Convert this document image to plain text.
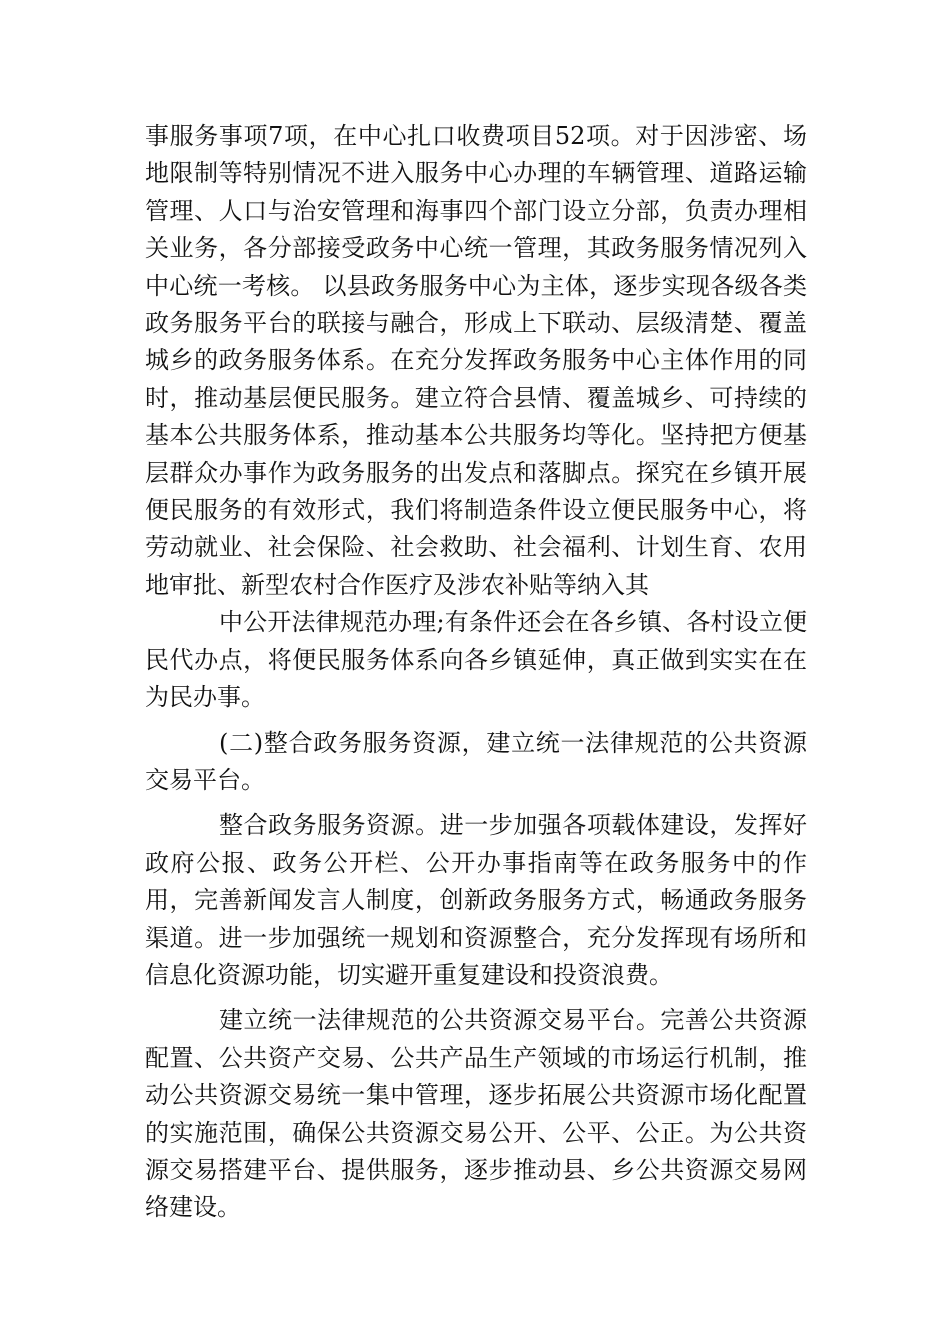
事服务事项7项，在中心扎口收费项目52项。对于因涉密、场地限制等特别情况不进入服务中心办理的车辆管理、道路运输管理、人口与治安管理和海事四个部门设立分部，负责办理相关业务，各分部接受政务中心统一管理，其政务服务情况列入中心统一考核。 以县政务服务中心为主体，逐步实现各级各类政务服务平台的联接与融合，形成上下联动、层级清楚、覆盖城乡的政务服务体系。在充分发挥政务服务中心主体作用的同时，推动基层便民服务。建立符合县情、覆盖城乡、可持续的基本公共服务体系，推动基本公共服务均等化。坚持把方便基层群众办事作为政务服务的出发点和落脚点。探究在乡镇开展便民服务的有效形式，我们将制造条件设立便民服务中心，将劳动就业、社会保险、社会救助、社会福利、计划生育、农用地审批、新型农村合作医疗及涉农补贴等纳入其

中公开法律规范办理;有条件还会在各乡镇、各村设立便民代办点，将便民服务体系向各乡镇延伸，真正做到实实在在为民办事。

(二)整合政务服务资源，建立统一法律规范的公共资源交易平台。

整合政务服务资源。进一步加强各项载体建设，发挥好政府公报、政务公开栏、公开办事指南等在政务服务中的作用，完善新闻发言人制度，创新政务服务方式，畅通政务服务渠道。进一步加强统一规划和资源整合，充分发挥现有场所和信息化资源功能，切实避开重复建设和投资浪费。

建立统一法律规范的公共资源交易平台。完善公共资源配置、公共资产交易、公共产品生产领域的市场运行机制，推动公共资源交易统一集中管理，逐步拓展公共资源市场化配置的实施范围，确保公共资源交易公开、公平、公正。为公共资源交易搭建平台、提供服务，逐步推动县、乡公共资源交易网络建设。
